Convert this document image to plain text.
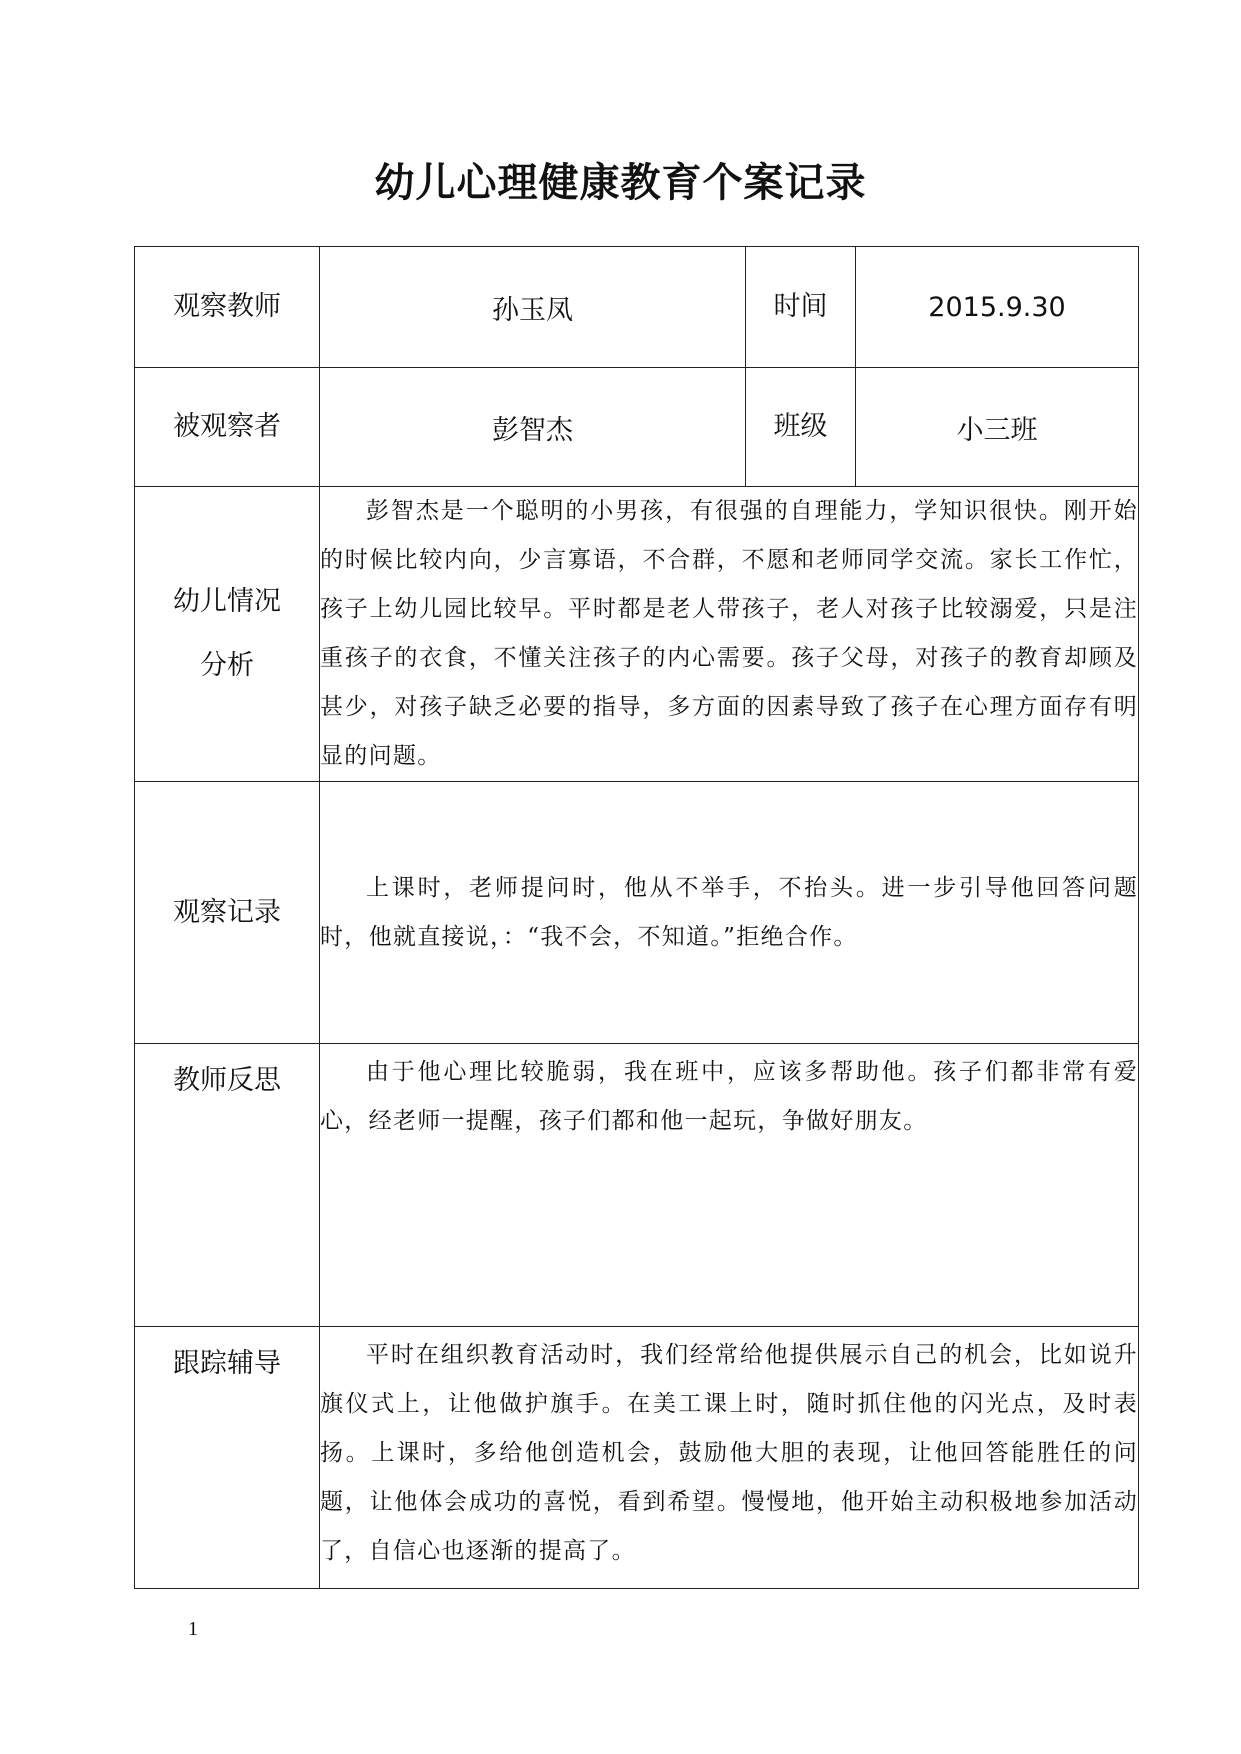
幼儿心理健康教育个案记录
观察教师	孙玉凤	时间	2015.9.30
被观察者	彭智杰	班级	小三班

幼儿情况
分析	彭智杰是一个聪明的小男孩，有很强的自理能力，学知识很快。刚开始的时候比较内向，少言寡语，不合群，不愿和老师同学交流。家长工作忙，孩子上幼儿园比较早。平时都是老人带孩子，老人对孩子比较溺爱，只是注重孩子的衣食，不懂关注孩子的内心需要。孩子父母，对孩子的教育却顾及甚少，对孩子缺乏必要的指导，多方面的因素导致了孩子在心理方面存有明显的问题。		
观察记录	上课时，老师提问时，他从不举手，不抬头。进一步引导他回答问题时，他就直接说，：“我不会，不知道。”拒绝合作。		
教师反思	由于他心理比较脆弱，我在班中，应该多帮助他。孩子们都非常有爱心，经老师一提醒，孩子们都和他一起玩，争做好朋友。		
跟踪辅导	平时在组织教育活动时，我们经常给他提供展示自己的机会，比如说升旗仪式上，让他做护旗手。在美工课上时，随时抓住他的闪光点，及时表扬。上课时，多给他创造机会，鼓励他大胆的表现，让他回答能胜任的问题，让他体会成功的喜悦，看到希望。慢慢地，他开始主动积极地参加活动了，自信心也逐渐的提高了。		
1
